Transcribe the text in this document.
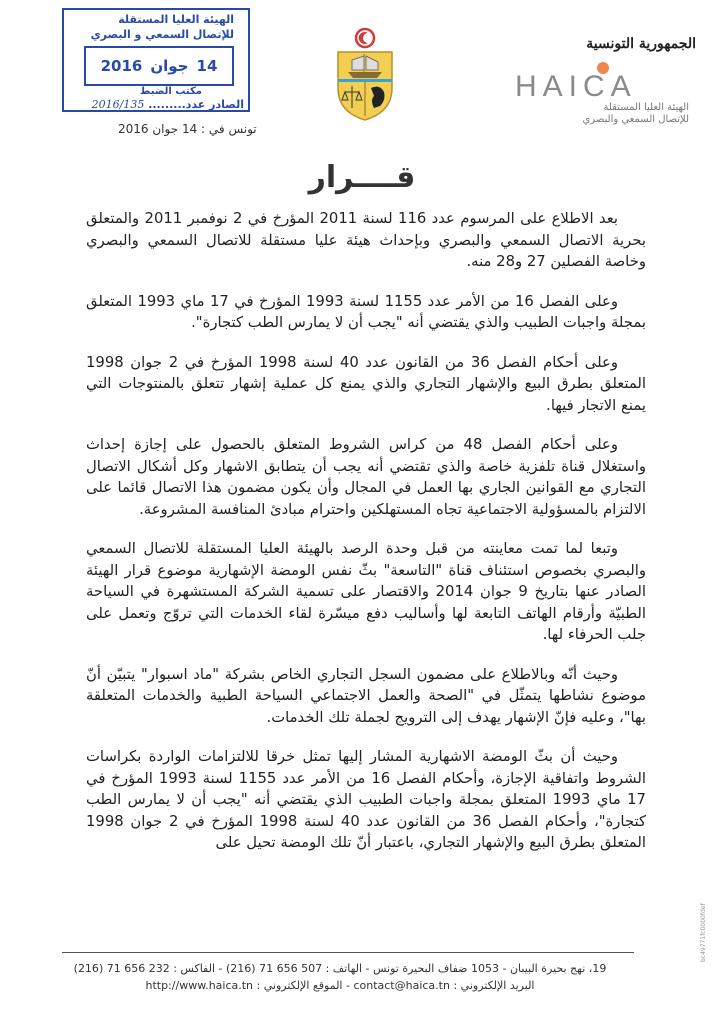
الهيئة العليا المستقلة
للإتصال السمعي و البصري
14
جوان
2016
مكتب الضبط
الصادر عدد......... 2016/135
تونس في : 14 جوان 2016
الجمهورية التونسية
HAICA
الهيئة العليا المستقلة
للإتصال السمعي والبصري
قــــرار

بعد الاطلاع على المرسوم عدد 116 لسنة 2011 المؤرخ في 2 نوفمبر 2011 والمتعلق بحرية الاتصال السمعي والبصري وبإحداث هيئة عليا مستقلة للاتصال السمعي والبصري وخاصة الفصلين 27 و28 منه.

وعلى الفصل 16 من الأمر عدد 1155 لسنة 1993 المؤرخ في 17 ماي 1993 المتعلق بمجلة واجبات الطبيب والذي يقتضي أنه "يجب أن لا يمارس الطب كتجارة".

وعلى أحكام الفصل 36 من القانون عدد 40 لسنة 1998 المؤرخ في 2 جوان 1998 المتعلق بطرق البيع والإشهار التجاري والذي يمنع كل عملية إشهار تتعلق بالمنتوجات التي يمنع الاتجار فيها.

وعلى أحكام الفصل 48 من كراس الشروط المتعلق بالحصول على إجازة إحداث واستغلال قناة تلفزية خاصة والذي تقتضي أنه يجب أن يتطابق الاشهار وكل أشكال الاتصال التجاري مع القوانين الجاري بها العمل في المجال وأن يكون مضمون هذا الاتصال قائما على الالتزام بالمسؤولية الاجتماعية تجاه المستهلكين واحترام مبادئ المنافسة المشروعة.

وتبعا لما تمت معاينته من قبل وحدة الرصد بالهيئة العليا المستقلة للاتصال السمعي والبصري بخصوص استئناف قناة "التاسعة" بثّ نفس الومضة الإشهارية موضوع قرار الهيئة الصادر عنها بتاريخ 9 جوان 2014 والاقتصار على تسمية الشركة المستشهرة في السياحة الطبيّة وأرقام الهاتف التابعة لها وأساليب دفع ميسّرة لقاء الخدمات التي تروّج وتعمل على جلب الحرفاء لها.

وحيث أنّه وبالاطلاع على مضمون السجل التجاري الخاص بشركة "ماد اسبوار" يتبيّن أنّ موضوع نشاطها يتمثّل في "الصحة والعمل الاجتماعي السياحة الطبية والخدمات المتعلقة بها"، وعليه فإنّ الإشهار يهدف إلى الترويج لجملة تلك الخدمات.

وحيث أن بثّ الومضة الاشهارية المشار إليها تمثل خرقا للالتزامات الواردة بكراسات الشروط واتفاقية الإجازة، وأحكام الفصل 16 من الأمر عدد 1155 لسنة 1993 المؤرخ في 17 ماي 1993 المتعلق بمجلة واجبات الطبيب الذي يقتضي أنه "يجب أن لا يمارس الطب كتجارة"، وأحكام الفصل 36 من القانون عدد 40 لسنة 1998 المؤرخ في 2 جوان 1998 المتعلق بطرق البيع والإشهار التجاري، باعتبار أنّ تلك الومضة تحيل على

19، نهج بحيرة البيبان - 1053 ضفاف البحيرة تونس - الهاتف : 507 656 71 (216) - الفاكس : 232 656 71 (216)
البريد الإلكتروني : contact@haica.tn - الموقع الإلكتروني : http://www.haica.tn
bc49771fc0000fdef
